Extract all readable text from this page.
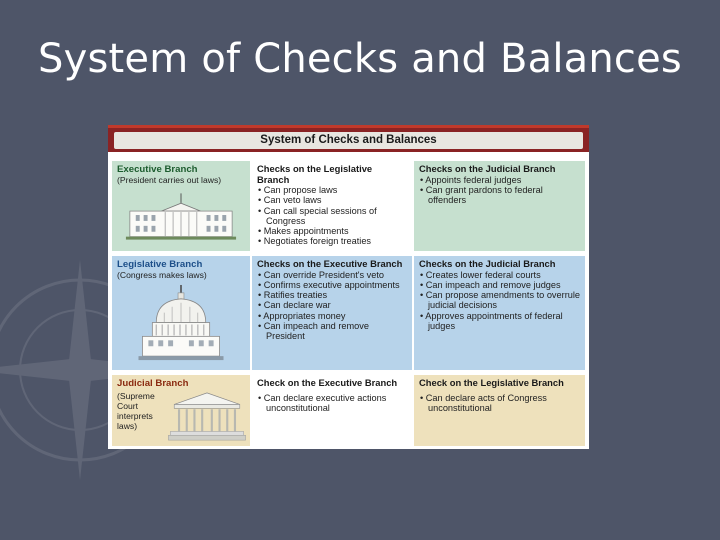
System of Checks and Balances
System of Checks and Balances
Executive Branch
(President carries out laws)
Checks on the Legislative Branch
• Can propose laws
• Can veto laws
• Can call special sessions of Congress
• Makes appointments
• Negotiates foreign treaties
Checks on the Judicial Branch
• Appoints federal judges
• Can grant pardons to federal offenders
Legislative Branch
(Congress makes laws)
Checks on the Executive Branch
• Can override President's veto
• Confirms executive appointments
• Ratifies treaties
• Can declare war
• Appropriates money
• Can impeach and remove President
Checks on the Judicial Branch
• Creates lower federal courts
• Can impeach and remove judges
• Can propose amendments to overrule judicial decisions
• Approves appointments of federal judges
Judicial Branch
(Supreme Court interprets laws)
Check on the Executive Branch
• Can declare executive actions unconstitutional
Check on the Legislative Branch
• Can declare acts of Congress unconstitutional
